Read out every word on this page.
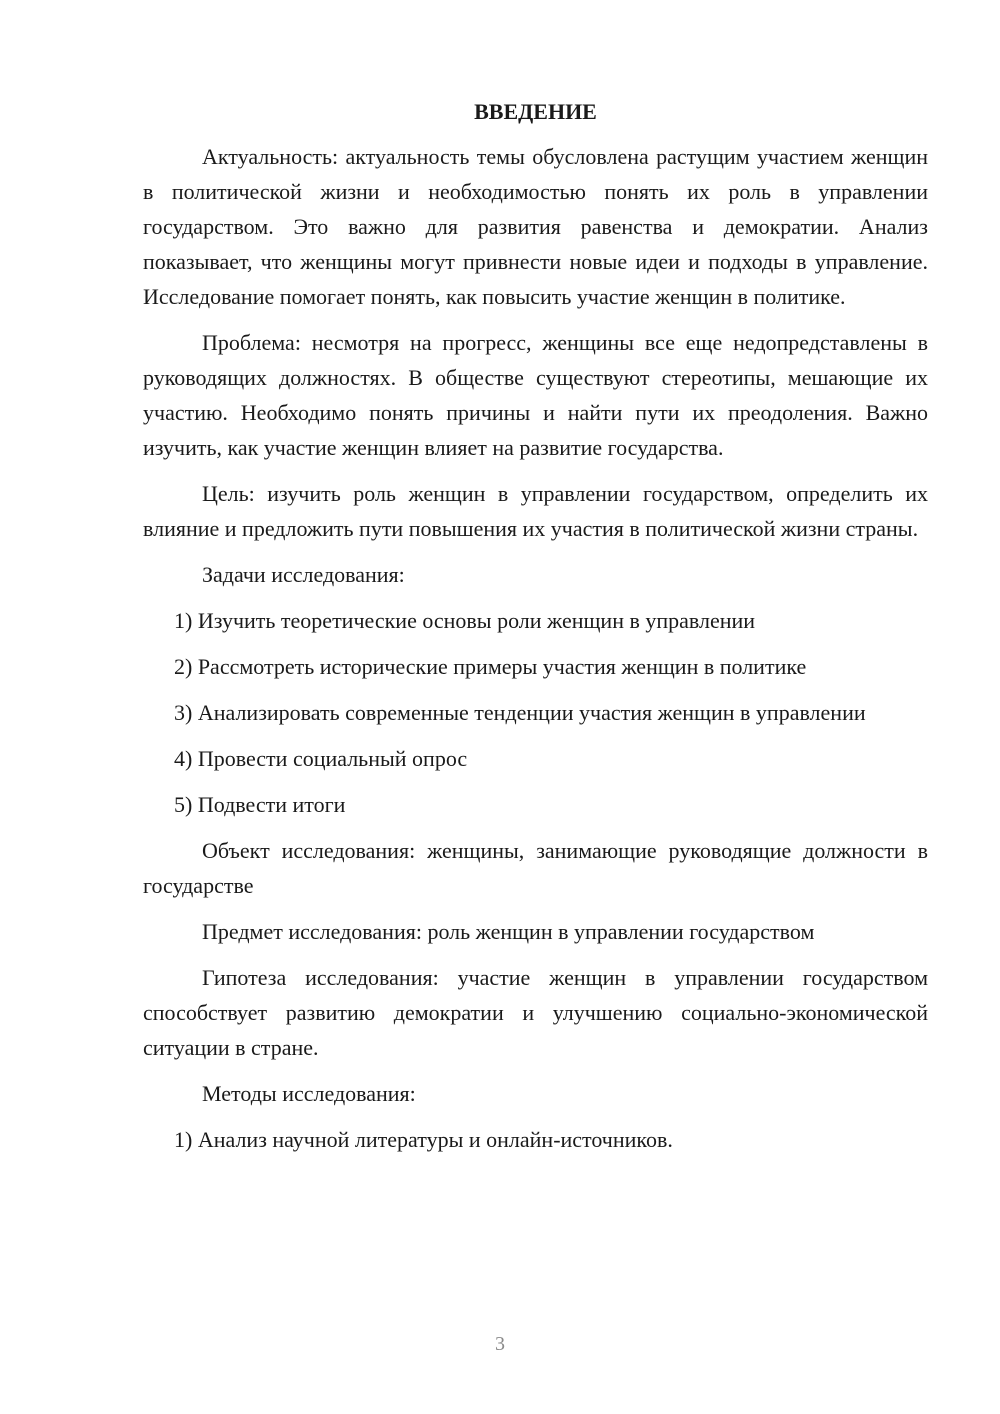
ВВЕДЕНИЕ

Актуальность: актуальность темы обусловлена растущим участием женщин в политической жизни и необходимостью понять их роль в управлении государством. Это важно для развития равенства и демократии. Анализ показывает, что женщины могут привнести новые идеи и подходы в управление. Исследование помогает понять, как повысить участие женщин в политике.

Проблема: несмотря на прогресс, женщины все еще недопредставлены в руководящих должностях. В обществе существуют стереотипы, мешающие их участию. Необходимо понять причины и найти пути их преодоления. Важно изучить, как участие женщин влияет на развитие государства.

Цель: изучить роль женщин в управлении государством, определить их влияние и предложить пути повышения их участия в политической жизни страны.

Задачи исследования:

1) Изучить теоретические основы роли женщин в управлении

2) Рассмотреть исторические примеры участия женщин в политике

3) Анализировать современные тенденции участия женщин в управлении

4) Провести социальный опрос

5) Подвести итоги

Объект исследования: женщины, занимающие руководящие должности в государстве

Предмет исследования: роль женщин в управлении государством

Гипотеза исследования: участие женщин в управлении государством способствует развитию демократии и улучшению социально-экономической ситуации в стране.

Методы исследования:

1) Анализ научной литературы и онлайн-источников.

3
